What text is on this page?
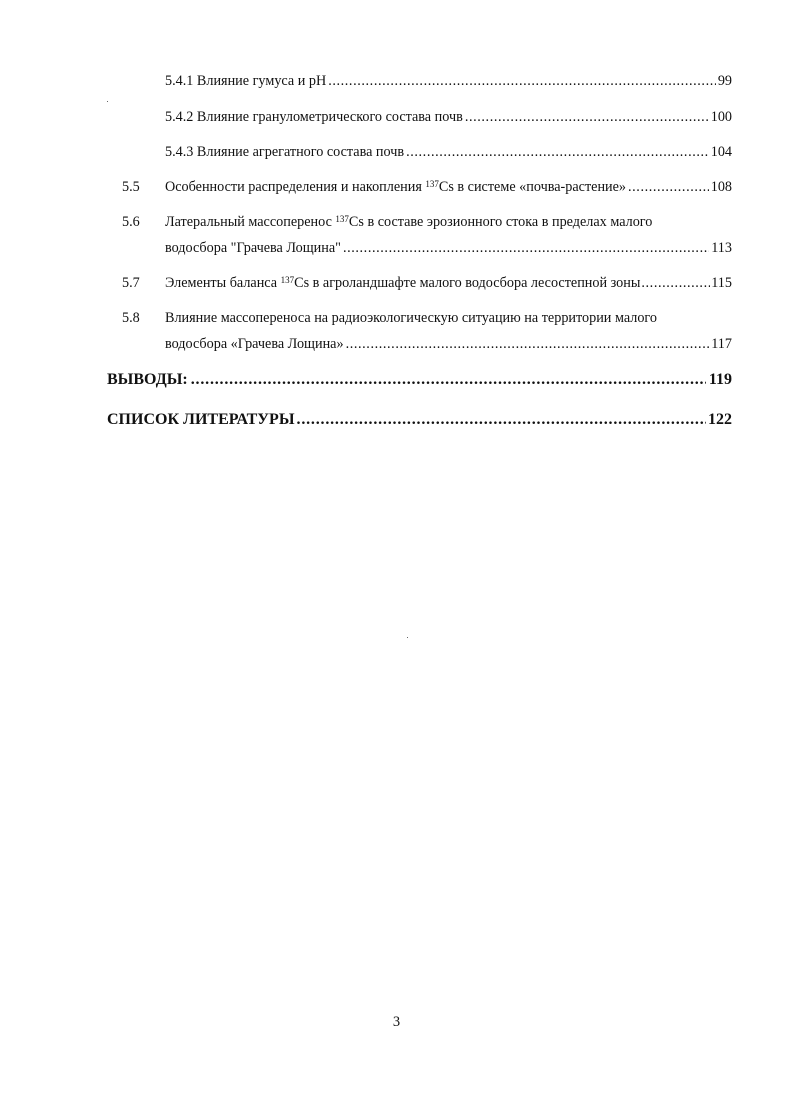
5.4.1 Влияние гумуса и pH .....	99
5.4.2 Влияние гранулометрического состава почв .....	100
5.4.3 Влияние агрегатного состава почв .....	104
5.5 Особенности распределения и накопления $^{137}$Cs в системе «почва-растение» .....	108
5.6 Латеральный массоперенос $^{137}$Cs в составе эрозионного стока в пределах малого
водосбора "Грачева Лощина" .....	113
5.7 Элементы баланса $^{137}$Cs в агроландшафте малого водосбора лесостепной зоны .....	115
5.8 Влияние массопереноса на радиоэкологическую ситуацию на территории малого
водосбора «Грачева Лощина» .....	117
ВЫВОДЫ: .....	119
СПИСОК ЛИТЕРАТУРЫ .....	122
3
